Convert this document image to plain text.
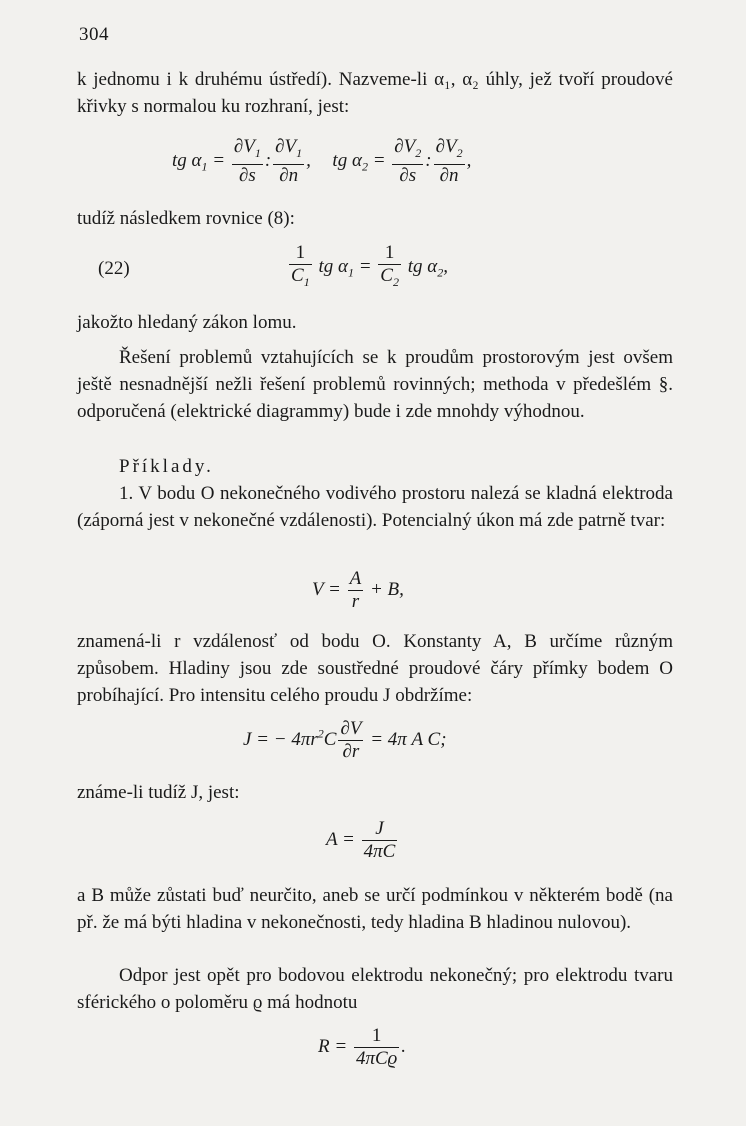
304
k jednomu i k druhému ústředí). Nazveme-li α₁, α₂ úhly, jež tvoří proudové křivky s normalou ku rozhraní, jest:
tg $\alpha_1 = \frac{\partial V_1}{\partial s}$ : $\frac{\partial V_1}{\partial n}$ ,  tg $\alpha_2 = \frac{\partial V_2}{\partial s}$ : $\frac{\partial V_2}{\partial n}$ ,
tudíž následkem rovnice (8):
(22)	$\frac{1}{C_1}$ tg $\alpha_1 = \frac{1}{C_2}$ tg $\alpha_2$,
jakožto hledaný zákon lomu.
Řešení problemů vztahujících se k proudům prostorovým jest ovšem ještě nesnadnější nežli řešení problemů rovinných; methoda v předešlém §. odporučená (elektrické diagrammy) bude i zde mnohdy výhodnou.
Příklady.
1. V bodu O nekonečného vodivého prostoru nalezá se kladná elektroda (záporná jest v nekonečné vzdálenosti). Potencialný úkon má zde patrně tvar:
$V = \frac{A}{r} + B$,
znamená-li r vzdálenosť od bodu O. Konstanty A, B určíme různým způsobem. Hladiny jsou zde soustředné proudové čáry přímky bodem O probíhající. Pro intensitu celého proudu J obdržíme:
J = − $4\pi r^2C \frac{\partial V}{\partial r} = 4\pi$ A C;
známe-li tudíž J, jest:
$A = \frac{J}{4\pi C}$
a B může zůstati buď neurčito, aneb se určí podmínkou v některém bodě (na př. že má býti hladina v nekonečnosti, tedy hladina B hladinou nulovou).
Odpor jest opět pro bodovou elektrodu nekonečný; pro elektrodu tvaru sférického o poloměru ϱ má hodnotu
$R = \frac{1}{\text{4πCϱ}}$ .
